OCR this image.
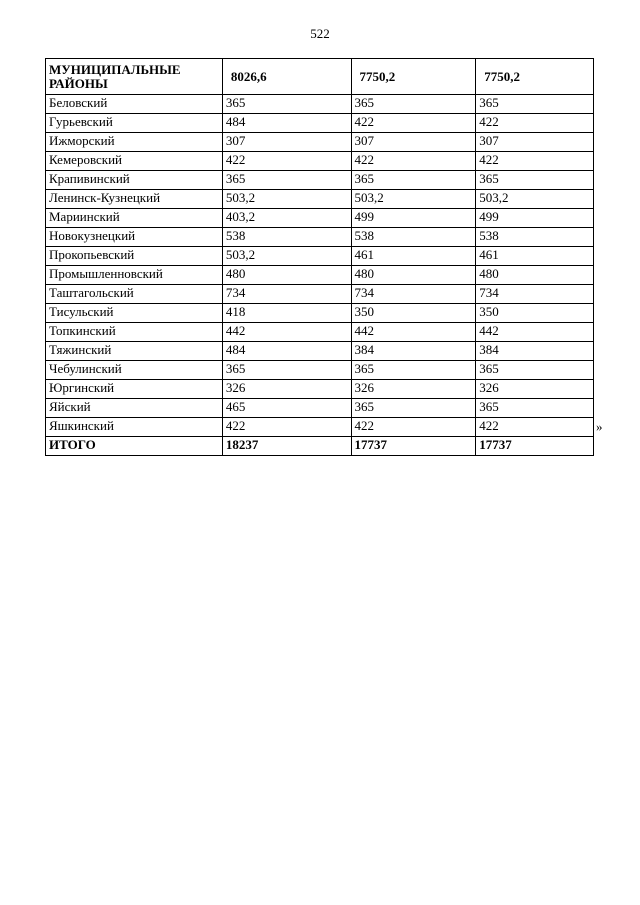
522
МУНИЦИПАЛЬНЫЕ РАЙОНЫ	8026,6	7750,2	7750,2
Беловский	365	365	365
Гурьевский	484	422	422
Ижморский	307	307	307
Кемеровский	422	422	422
Крапивинский	365	365	365
Ленинск-Кузнецкий	503,2	503,2	503,2
Мариинский	403,2	499	499
Новокузнецкий	538	538	538
Прокопьевский	503,2	461	461
Промышленновский	480	480	480
Таштагольский	734	734	734
Тисульский	418	350	350
Топкинский	442	442	442
Тяжинский	484	384	384
Чебулинский	365	365	365
Юргинский	326	326	326
Яйский	465	365	365
Яшкинский	422	422	422
ИТОГО	18237	17737	17737
»
